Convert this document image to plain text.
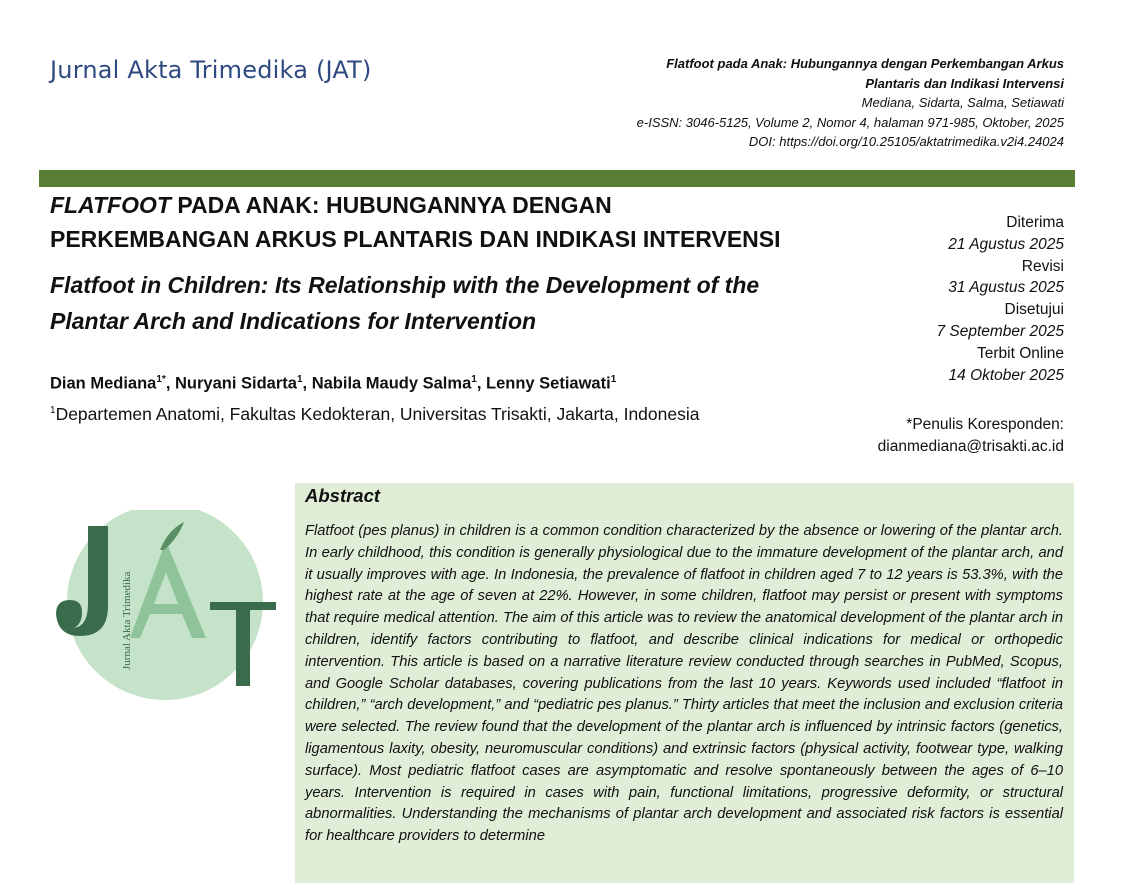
Jurnal Akta Trimedika (JAT)	Flatfoot pada Anak: Hubungannya dengan Perkembangan Arkus
Plantaris dan Indikasi Intervensi
Mediana, Sidarta, Salma, Setiawati
e-ISSN: 3046-5125, Volume 2, Nomor 4, halaman 971-985, Oktober, 2025
DOI: https://doi.org/10.25105/aktatrimedika.v2i4.24024
FLATFOOT PADA ANAK: HUBUNGANNYA DENGAN
PERKEMBANGAN ARKUS PLANTARIS DAN INDIKASI INTERVENSI
Flatfoot in Children: Its Relationship with the Development of the
Plantar Arch and Indications for Intervention
Dian Mediana$^{1*}$, Nuryani Sidarta$^1$, Nabila Maudy Salma$^1$, Lenny Setiawati$^1$
$^1$Departemen Anatomi, Fakultas Kedokteran, Universitas Trisakti, Jakarta, Indonesia
Diterima
21 Agustus 2025
Revisi
31 Agustus 2025
Disetujui
7 September 2025
Terbit Online
14 Oktober 2025
*Penulis Koresponden:
dianmediana@trisakti.ac.id
Jurnal Akta Trimedika
Abstract
Flatfoot (pes planus) in children is a common condition characterized by the absence or lowering of the plantar arch. In early childhood, this condition is generally physiological due to the immature development of the plantar arch, and it usually improves with age. In Indonesia, the prevalence of flatfoot in children aged 7 to 12 years is 53.3%, with the highest rate at the age of seven at 22%. However, in some children, flatfoot may persist or present with symptoms that require medical attention. The aim of this article was to review the anatomical development of the plantar arch in children, identify factors contributing to flatfoot, and describe clinical indications for medical or orthopedic intervention. This article is based on a narrative literature review conducted through searches in PubMed, Scopus, and Google Scholar databases, covering publications from the last 10 years. Keywords used included “flatfoot in children,” “arch development,” and “pediatric pes planus.” Thirty articles that meet the inclusion and exclusion criteria were selected. The review found that the development of the plantar arch is influenced by intrinsic factors (genetics, ligamentous laxity, obesity, neuromuscular conditions) and extrinsic factors (physical activity, footwear type, walking surface). Most pediatric flatfoot cases are asymptomatic and resolve spontaneously between the ages of 6–10 years. Intervention is required in cases with pain, functional limitations, progressive deformity, or structural abnormalities. Understanding the mechanisms of plantar arch development and associated risk factors is essential for healthcare providers to determine
